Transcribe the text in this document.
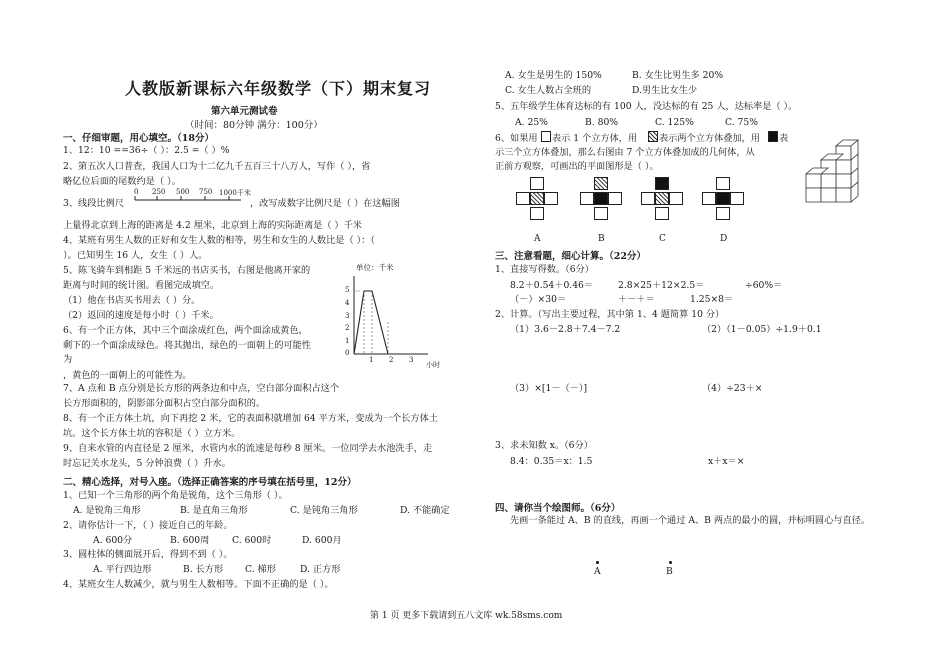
人教版新课标六年级数学（下）期末复习
第六单元测试卷
（时间：80分钟 满分：100分）
一、仔细审题，用心填空。（18分）
1、12：10 ==36÷（ ）：2.5 =（ ）%
2、第五次人口普查，我国人口为十二亿九千五百三十八万人，写作（ ），省
略亿位后面的尾数约是（ ）。
3、线段比例尺
0 250 500 750 1000千米
，改写成数字比例尺是（ ）在这幅图
上量得北京到上海的距离是 4.2 厘米，北京到上海的实际距离是（ ）千米
4、某班有男生人数的正好和女生人数的相等，男生和女生的人数比是（ ）：（
）。已知男生 16 人，女生（ ）人。
5、陈飞骑车到相距 5 千米远的书店买书，右图是他离开家的
距离与时间的统计图。看图完成填空。
（1）他在书店买书用去（ ）分。
（2）返回的速度是每小时（ ）千米。
单位：千米
5
4
3
2
1
0
1 2 3
小时
6、有一个正方体，其中三个面涂成红色，两个面涂成黄色，
剩下的一个面涂成绿色。将其抛出，绿色的一面朝上的可能性
为
，黄色的一面朝上的可能性为。
7、A 点和 B 点分别是长方形的两条边和中点，空白部分面积占这个
长方形面积的，阴影部分面积占空白部分面积的。
8、有一个正方体土坑，向下再挖 2 米，它的表面积就增加 64 平方米，变成为一个长方体土
坑。这个长方体土坑的容积是（ ）立方米。
9、自来水管的内直径是 2 厘米，水管内水的流速是每秒 8 厘米。一位同学去水池洗手，走
时忘记关水龙头，5 分钟浪费（ ）升水。
二、精心选择，对号入座。（选择正确答案的序号填在括号里，12分）
1、已知一个三角形的两个角是锐角，这个三角形（ ）。
A. 是锐角三角形	B. 是直角三角形	C. 是钝角三角形	D. 不能确定
2、请你估计一下，（ ）接近自己的年龄。
A. 600分	B. 600周 C. 600时	D. 600月
3、圆柱体的侧面展开后，得到不到（ ）。
A. 平行四边形	B. 长方形 C. 梯形	D. 正方形
4、某班女生人数减少，就与男生人数相等。下面不正确的是（ ）。
A. 女生是男生的 150%	B. 女生比男生多 20%
C. 女生人数占全班的	D.男生比女生少
5、五年级学生体育达标的有 100 人，没达标的有 25 人，达标率是（ ）。
A. 25%	B. 80%	C. 125%	C. 75%
6、如果用 表示 1 个立方体，用 表示两个立方体叠加，用 表
示三个立方体叠加，那么右图由 7 个立方体叠加成的几何体，从
正前方观察，可画出的平面图形是（ ）。
A	B	C	D
三、注意看题，细心计算。（22分）
1、直接写得数。（6分）
8.2＋0.54＋0.46＝	2.8×25＋12×2.5＝	÷60%＝
（－）×30＝	＋－＋＝	1.25×8＝
2、计算。（写出主要过程，其中第 1、4 题简算 10 分）
（1）3.6－2.8＋7.4－7.2	（2）（1－0.05）÷1.9＋0.1
（3）×[1－（－）]	（4）÷23＋×
3、求未知数 x。（6分）
8.4：0.35＝x：1.5	x＋x＝×
四、请你当个绘图师。（6分）
先画一条能过 A、B 的直线，再画一个通过 A、B 两点的最小的圆，并标明圆心与直径。
A	B
第 1 页 更多下载请到五八文库 wk.58sms.com
